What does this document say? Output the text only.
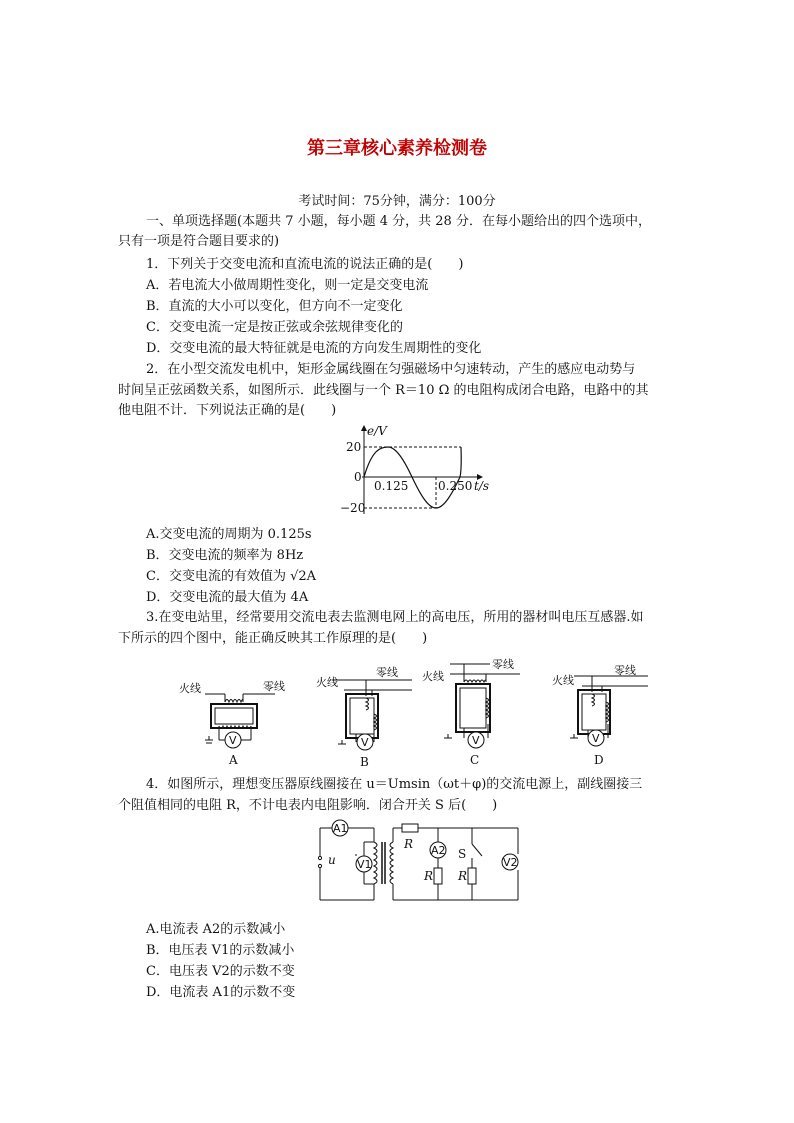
第三章核心素养检测卷
考试时间：75分钟，满分：100分
一、单项选择题(本题共 7 小题，每小题 4 分，共 28 分．在每小题给出的四个选项中，
只有一项是符合题目要求的)
1．下列关于交变电流和直流电流的说法正确的是(　　)
A．若电流大小做周期性变化，则一定是交变电流
B．直流的大小可以变化，但方向不一定变化
C．交变电流一定是按正弦或余弦规律变化的
D．交变电流的最大特征就是电流的方向发生周期性的变化
2．在小型交流发电机中，矩形金属线圈在匀强磁场中匀速转动，产生的感应电动势与
时间呈正弦函数关系，如图所示．此线圈与一个 R＝10 Ω 的电阻构成闭合电路，电路中的其
他电阻不计．下列说法正确的是(　　)
e/V
20
0
−20
0.125 0.250 t/s
A.交变电流的周期为 0.125s
B．交变电流的频率为 8Hz
C．交变电流的有效值为 √2A
D．交变电流的最大值为 4A
3.在变电站里，经常要用交流电表去监测电网上的高电压，所用的器材叫电压互感器.如
下所示的四个图中，能正确反映其工作原理的是(　　)
火线	零线
V
A
火线
零线
V
B
零线
火线
V
C
零线
火线
V
D
4．如图所示，理想变压器原线圈接在 u＝Umsin（ωt＋φ)的交流电源上，副线圈接三
个阻值相同的电阻 R，不计电表内电阻影响．闭合开关 S 后(　　)
A1
u V1
R A2
R
S
R
V2
A.电流表 A2的示数减小
B．电压表 V1的示数减小
C．电压表 V2的示数不变
D．电流表 A1的示数不变
